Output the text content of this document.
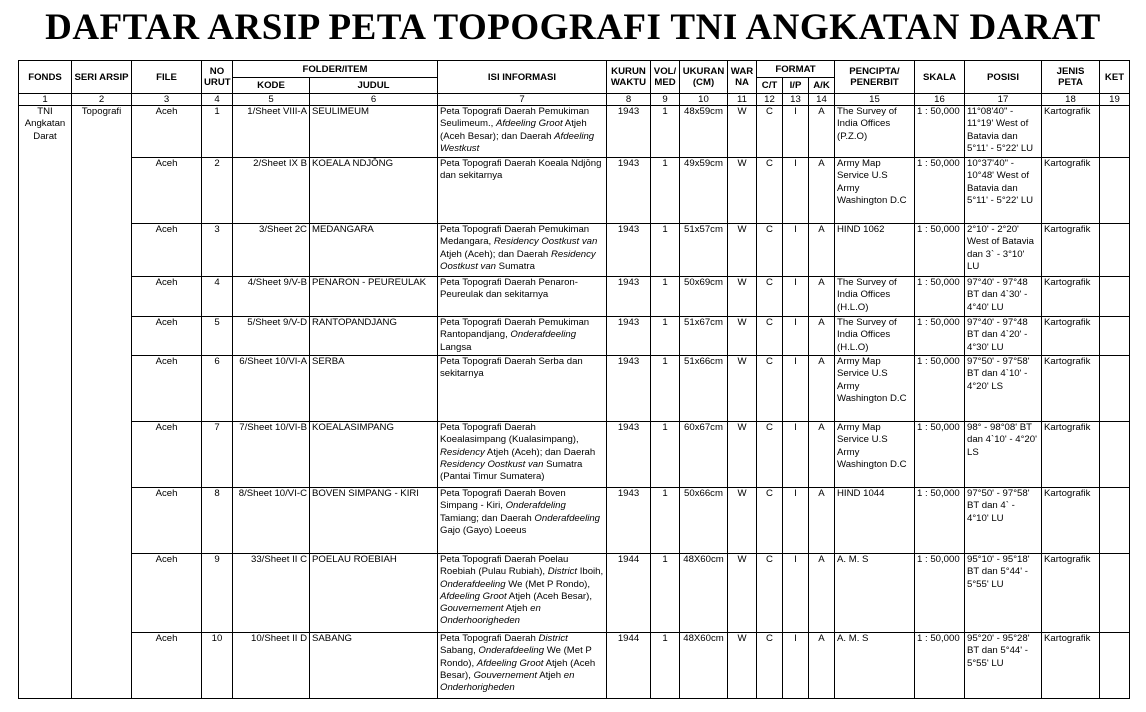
DAFTAR ARSIP PETA TOPOGRAFI TNI ANGKATAN DARAT
FONDS	SERI ARSIP	FILE	NO URUT	FOLDER/ITEM		ISI INFORMASI	KURUN WAKTU	VOL/ MED	UKURAN (CM)	WAR NA	FORMAT			PENCIPTA/ PENERBIT	SKALA	POSISI	JENIS PETA	KET
				KODE	JUDUL						C/T	I/P	A/K					
1	2	3	4	5	6	7	8	9	10	11	12	13	14	15	16	17	18	19
TNI Angkatan Darat	Topografi	Aceh	1	1/Sheet VIII-A	SEULIMEUM	Peta Topografi Daerah Pemukiman Seulimeum., Afdeeling Groot Atjeh (Aceh Besar); dan Daerah Afdeeling Westkust	1943	1	48x59cm	W	C	I	A	The Survey of India Offices (P.Z.O)	1 : 50,000	11°08'40" - 11°19' West of Batavia dan 5°11' - 5°22' LU	Kartografik	
		Aceh	2	2/Sheet IX B	KOEALA NDJŌNG	Peta Topografi Daerah Koeala Ndjōng dan sekitarnya	1943	1	49x59cm	W	C	I	A	Army Map Service U.S Army Washington D.C	1 : 50,000	10°37'40" - 10°48' West of Batavia dan 5°11' - 5°22' LU	Kartografik	
		Aceh	3	3/Sheet 2C	MEDANGARA	Peta Topografi Daerah Pemukiman Medangara, Residency Oostkust van Atjeh (Aceh); dan Daerah Residency Oostkust van Sumatra	1943	1	51x57cm	W	C	I	A	HIND 1062	1 : 50,000	2°10' - 2°20' West of Batavia dan 3` - 3°10' LU	Kartografik	
		Aceh	4	4/Sheet 9/V-B	PENARON - PEUREULAK	Peta Topografi Daerah Penaron-Peureulak dan sekitarnya	1943	1	50x69cm	W	C	I	A	The Survey of India Offices (H.L.O)	1 : 50,000	97°40' - 97°48 BT dan 4`30' - 4°40' LU	Kartografik	
		Aceh	5	5/Sheet 9/V-D	RANTOPANDJANG	Peta Topografi Daerah Pemukiman Rantopandjang, Onderafdeeling Langsa	1943	1	51x67cm	W	C	I	A	The Survey of India Offices (H.L.O)	1 : 50,000	97°40' - 97°48 BT dan 4`20' - 4°30' LU	Kartografik	
		Aceh	6	6/Sheet 10/VI-A	SERBA	Peta Topografi Daerah Serba dan sekitarnya	1943	1	51x66cm	W	C	I	A	Army Map Service U.S Army Washington D.C	1 : 50,000	97°50' - 97°58' BT dan 4`10' - 4°20' LS	Kartografik	
		Aceh	7	7/Sheet 10/VI-B	KOEALASIMPANG	Peta Topografi Daerah Koealasimpang (Kualasimpang), Residency Atjeh (Aceh); dan Daerah Residency Oostkust van Sumatra (Pantai Timur Sumatera)	1943	1	60x67cm	W	C	I	A	Army Map Service U.S Army Washington D.C	1 : 50,000	98° - 98°08' BT dan 4`10' - 4°20' LS	Kartografik	
		Aceh	8	8/Sheet 10/VI-C	BOVEN SIMPANG - KIRI	Peta Topografi Daerah Boven Simpang - Kiri, Onderafdeling Tamiang; dan Daerah Onderafdeeling Gajo (Gayo) Loeeus	1943	1	50x66cm	W	C	I	A	HIND 1044	1 : 50,000	97°50' - 97°58' BT dan 4` - 4°10' LU	Kartografik	
		Aceh	9	33/Sheet II C	POELAU ROEBIAH	Peta Topografi Daerah Poelau Roebiah (Pulau Rubiah), District Iboih, Onderafdeeling We (Met P Rondo), Afdeeling Groot Atjeh (Aceh Besar), Gouvernement Atjeh en Onderhoorigheden	1944	1	48X60cm	W	C	I	A	A. M. S	1 : 50,000	95°10' - 95°18' BT dan 5°44' - 5°55' LU	Kartografik	
		Aceh	10	10/Sheet II D	SABANG	Peta Topografi Daerah District Sabang, Onderafdeeling We (Met P Rondo), Afdeeling Groot Atjeh (Aceh Besar), Gouvernement Atjeh en Onderhorigheden	1944	1	48X60cm	W	C	I	A	A. M. S	1 : 50,000	95°20' - 95°28' BT dan 5°44' - 5°55' LU	Kartografik	
